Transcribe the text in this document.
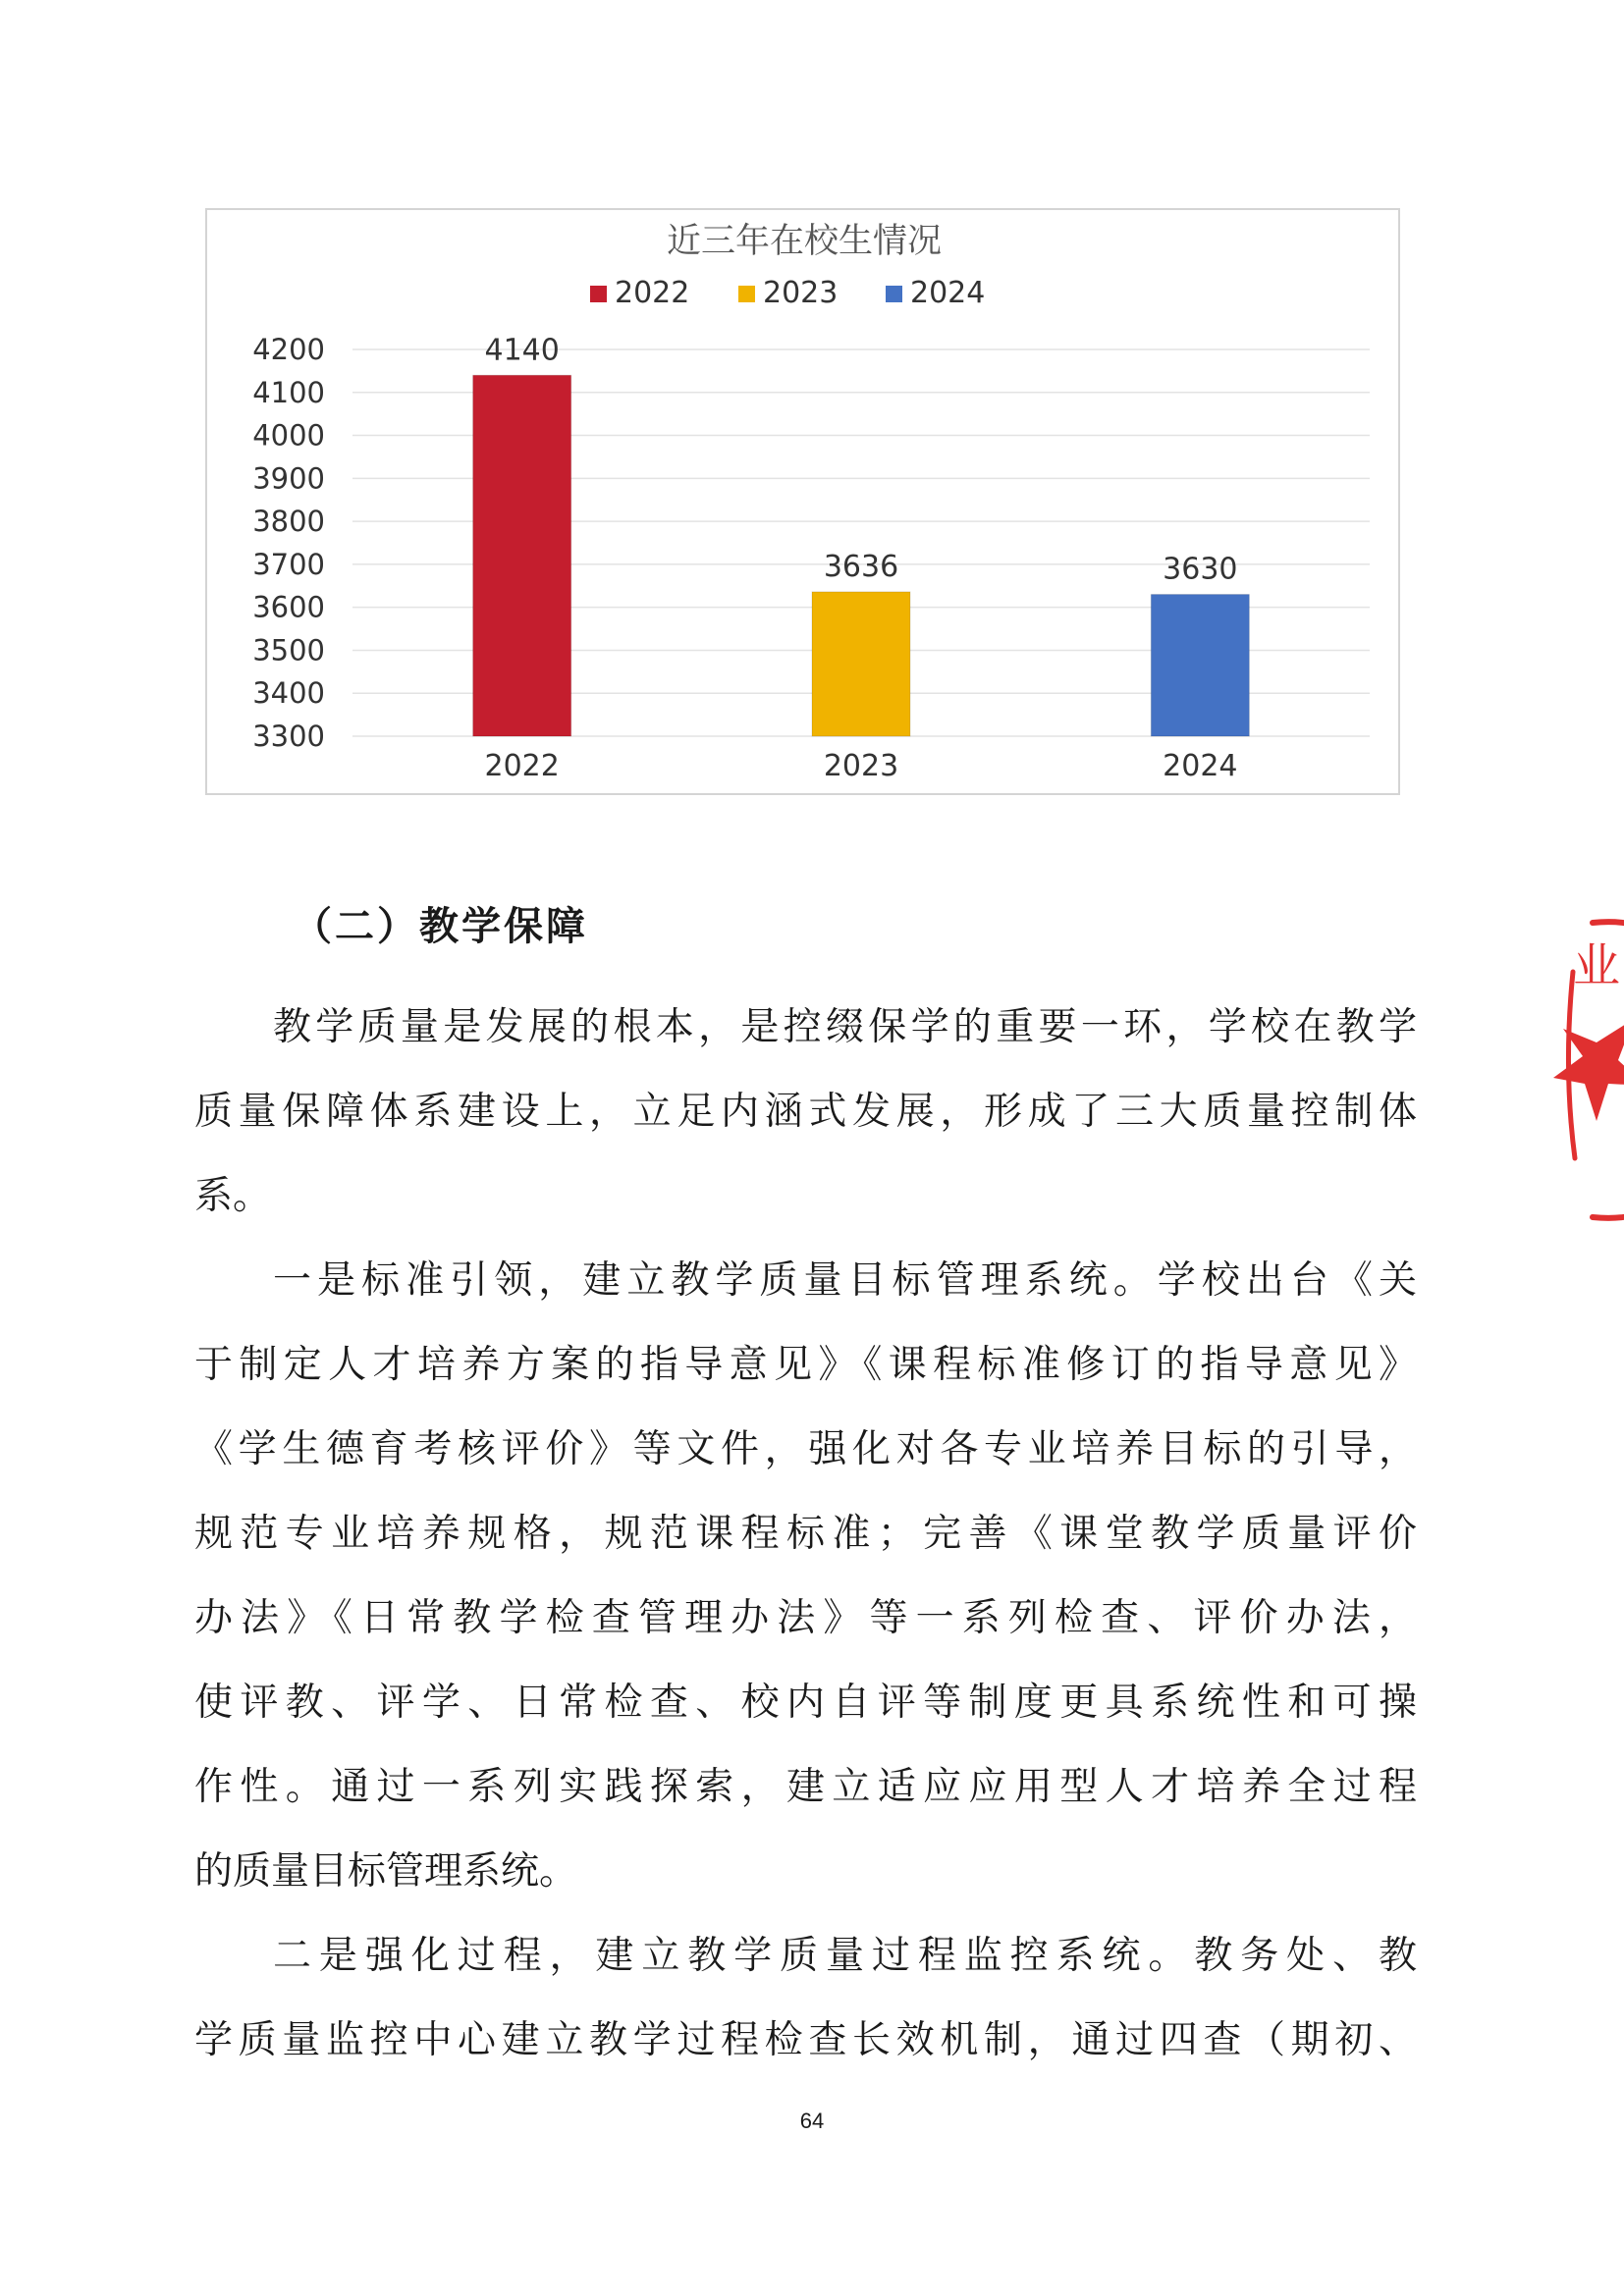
近三年在校生情况
2022 2023 2024
4200
4100
4000
3900
3800
3700
3600
3500
3400
3300
4140
2022
3636
2023
3630
2024
（二）教学保障
教学质量是发展的根本，是控缀保学的重要一环，学校在教学
质量保障体系建设上，立足内涵式发展，形成了三大质量控制体
系。
一是标准引领，建立教学质量目标管理系统。学校出台《关
于制定人才培养方案的指导意见》《课程标准修订的指导意见》
《学生德育考核评价》等文件，强化对各专业培养目标的引导，
规范专业培养规格，规范课程标准；完善《课堂教学质量评价
办法》《日常教学检查管理办法》等一系列检查、评价办法，
使评教、评学、日常检查、校内自评等制度更具系统性和可操
作性。通过一系列实践探索，建立适应应用型人才培养全过程
的质量目标管理系统。
二是强化过程，建立教学质量过程监控系统。教务处、教
学质量监控中心建立教学过程检查长效机制，通过四查（期初、
64
业
